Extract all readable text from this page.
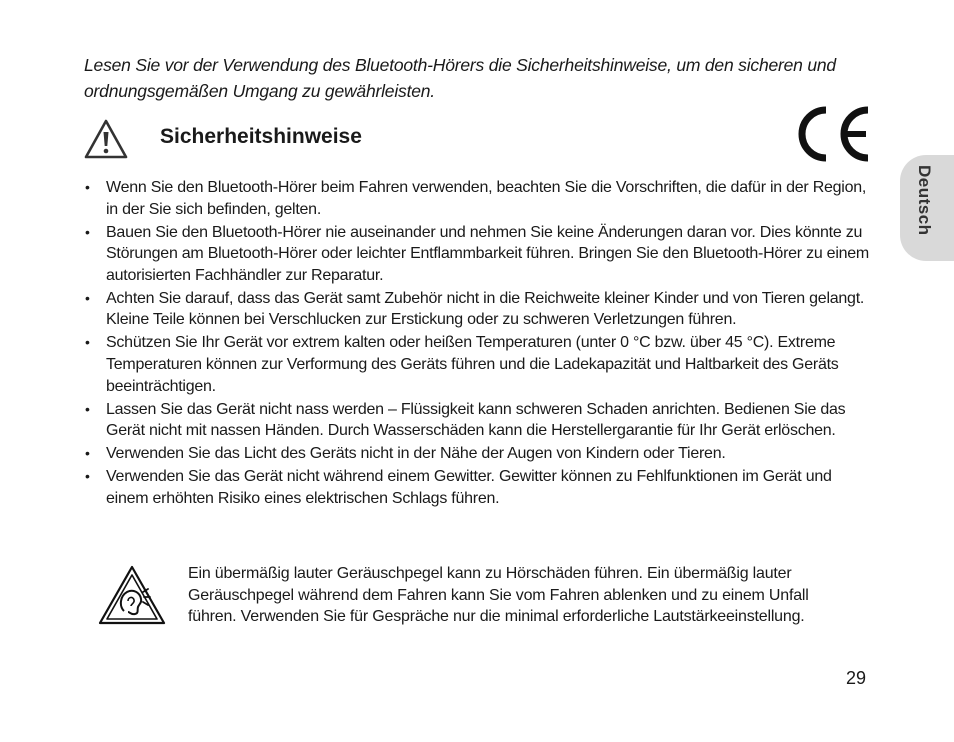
Lesen Sie vor der Verwendung des Bluetooth-Hörers die Sicherheitshinweise, um den sicheren und ordnungsgemäßen Umgang zu gewährleisten.

Sicherheitshinweise
Deutsch
• Wenn Sie den Bluetooth-Hörer beim Fahren verwenden, beachten Sie die Vorschriften, die dafür in der Region, in der Sie sich befinden, gelten.
• Bauen Sie den Bluetooth-Hörer nie auseinander und nehmen Sie keine Änderungen daran vor. Dies könnte zu Störungen am Bluetooth-Hörer oder leichter Entflammbarkeit führen. Bringen Sie den Bluetooth-Hörer zu einem autorisierten Fachhändler zur Reparatur.
• Achten Sie darauf, dass das Gerät samt Zubehör nicht in die Reichweite kleiner Kinder und von Tieren gelangt. Kleine Teile können bei Verschlucken zur Erstickung oder zu schweren Verletzungen führen.
• Schützen Sie Ihr Gerät vor extrem kalten oder heißen Temperaturen (unter 0 °C bzw. über 45 °C). Extreme Temperaturen können zur Verformung des Geräts führen und die Ladekapazität und Haltbarkeit des Geräts beeinträchtigen.
• Lassen Sie das Gerät nicht nass werden – Flüssigkeit kann schweren Schaden anrichten. Bedienen Sie das Gerät nicht mit nassen Händen. Durch Wasserschäden kann die Herstellergarantie für Ihr Gerät erlöschen.
• Verwenden Sie das Licht des Geräts nicht in der Nähe der Augen von Kindern oder Tieren.
• Verwenden Sie das Gerät nicht während einem Gewitter. Gewitter können zu Fehlfunktionen im Gerät und einem erhöhten Risiko eines elektrischen Schlags führen.

Ein übermäßig lauter Geräuschpegel kann zu Hörschäden führen. Ein übermäßig lauter Geräuschpegel während dem Fahren kann Sie vom Fahren ablenken und zu einem Unfall führen. Verwenden Sie für Gespräche nur die minimal erforderliche Lautstärkeeinstellung.

29
